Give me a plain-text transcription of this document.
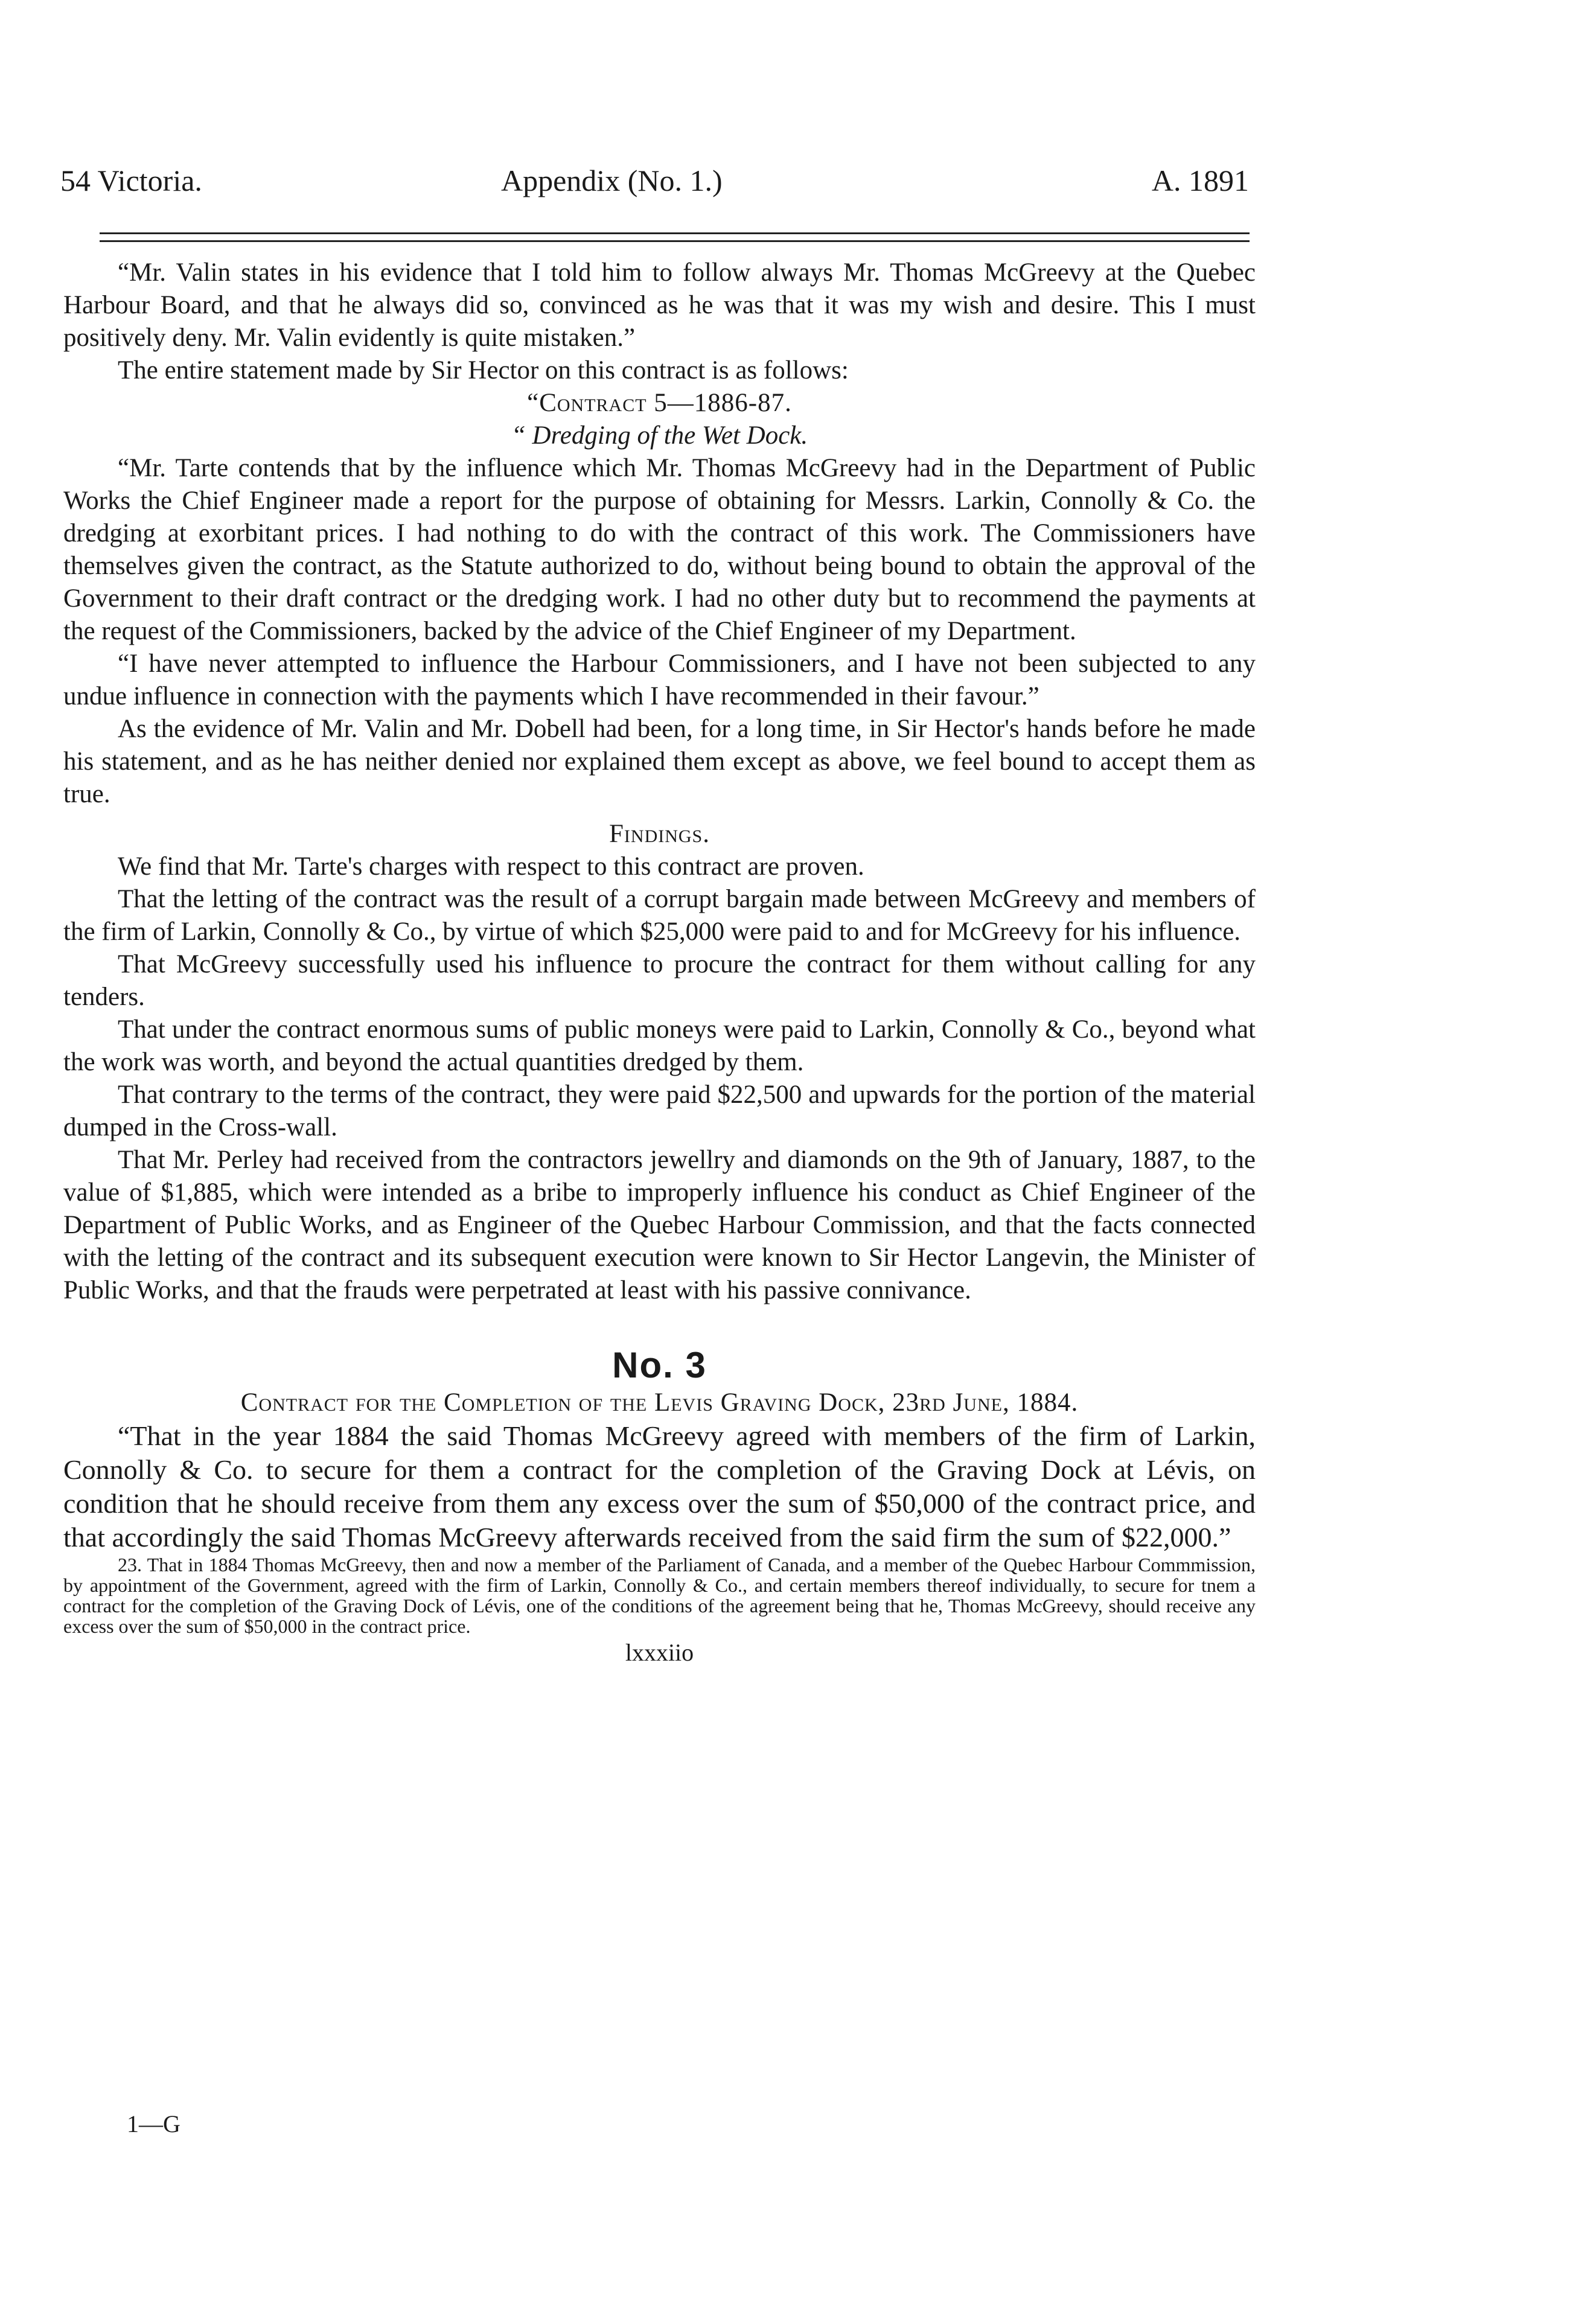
54 Victoria.	Appendix (No. 1.)	A. 1891

“Mr. Valin states in his evidence that I told him to follow always Mr. Thomas McGreevy at the Quebec Harbour Board, and that he always did so, convinced as he was that it was my wish and desire. This I must positively deny. Mr. Valin evidently is quite mistaken.”

The entire statement made by Sir Hector on this contract is as follows:

“Contract 5—1886-87.

“ Dredging of the Wet Dock.

“Mr. Tarte contends that by the influence which Mr. Thomas McGreevy had in the Department of Public Works the Chief Engineer made a report for the purpose of obtaining for Messrs. Larkin, Connolly & Co. the dredging at exorbitant prices. I had nothing to do with the contract of this work. The Commissioners have themselves given the contract, as the Statute authorized to do, without being bound to obtain the approval of the Government to their draft contract or the dredging work. I had no other duty but to recommend the payments at the request of the Commissioners, backed by the advice of the Chief Engineer of my Department.

“I have never attempted to influence the Harbour Commissioners, and I have not been subjected to any undue influence in connection with the payments which I have recommended in their favour.”

As the evidence of Mr. Valin and Mr. Dobell had been, for a long time, in Sir Hector's hands before he made his statement, and as he has neither denied nor explained them except as above, we feel bound to accept them as true.

Findings.

We find that Mr. Tarte's charges with respect to this contract are proven.

That the letting of the contract was the result of a corrupt bargain made between McGreevy and members of the firm of Larkin, Connolly & Co., by virtue of which $25,000 were paid to and for McGreevy for his influence.

That McGreevy successfully used his influence to procure the contract for them without calling for any tenders.

That under the contract enormous sums of public moneys were paid to Larkin, Connolly & Co., beyond what the work was worth, and beyond the actual quantities dredged by them.

That contrary to the terms of the contract, they were paid $22,500 and upwards for the portion of the material dumped in the Cross-wall.

That Mr. Perley had received from the contractors jewellry and diamonds on the 9th of January, 1887, to the value of $1,885, which were intended as a bribe to improperly influence his conduct as Chief Engineer of the Department of Public Works, and as Engineer of the Quebec Harbour Commission, and that the facts connected with the letting of the contract and its subsequent execution were known to Sir Hector Langevin, the Minister of Public Works, and that the frauds were perpetrated at least with his passive connivance.

No. 3

Contract for the Completion of the Levis Graving Dock, 23rd June, 1884.

“That in the year 1884 the said Thomas McGreevy agreed with members of the firm of Larkin, Connolly & Co. to secure for them a contract for the completion of the Graving Dock at Lévis, on condition that he should receive from them any excess over the sum of $50,000 of the contract price, and that accordingly the said Thomas McGreevy afterwards received from the said firm the sum of $22,000.”

23. That in 1884 Thomas McGreevy, then and now a member of the Parliament of Canada, and a member of the Quebec Harbour Commmission, by appointment of the Government, agreed with the firm of Larkin, Connolly & Co., and certain members thereof individually, to secure for tnem a contract for the completion of the Graving Dock of Lévis, one of the conditions of the agreement being that he, Thomas McGreevy, should receive any excess over the sum of $50,000 in the contract price.

lxxxiio

1—G
